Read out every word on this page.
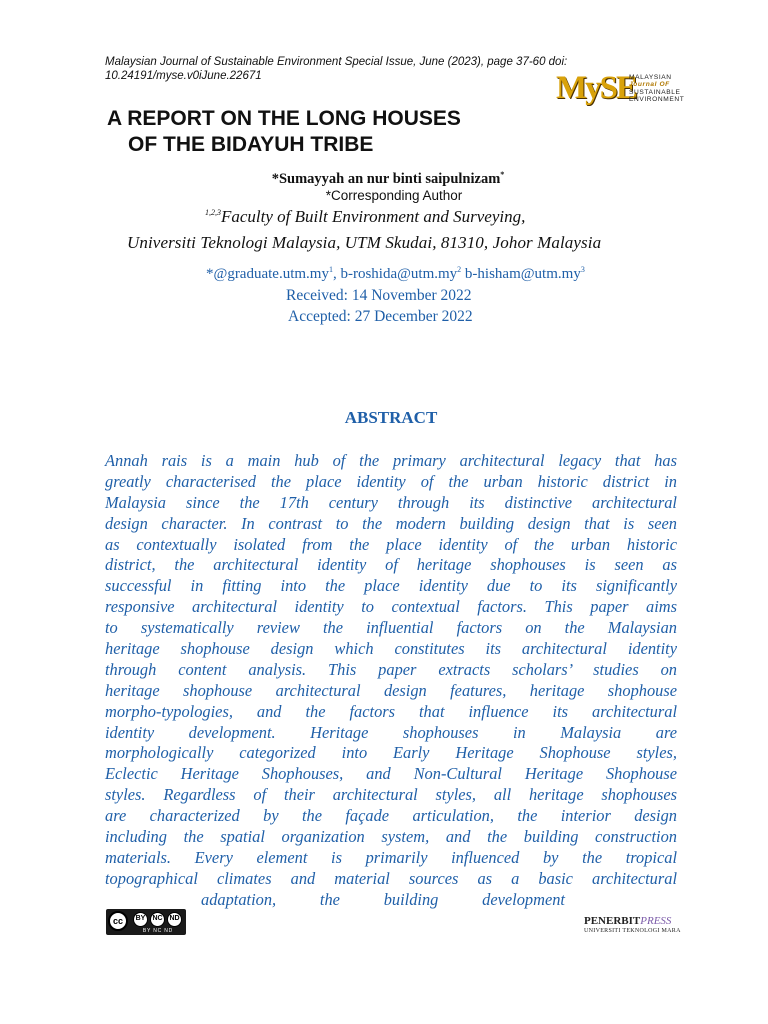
Malaysian Journal of Sustainable Environment Special Issue, June (2023), page 37-60 doi:
10.24191/myse.v0iJune.22671	MySE
MALAYSIAN
Journal OF
SUSTAINABLE
ENVIRONMENT
A REPORT ON THE LONG HOUSES
OF THE BIDAYUH TRIBE
*Sumayyah an nur binti saipulnizam*
*Corresponding Author
$^{1,2,3}$Faculty of Built Environment and Surveying,
Universiti Teknologi Malaysia, UTM Skudai, 81310, Johor Malaysia
$*@graduate.utm.my^1$, $b-roshida@utm.my^2$ $b-hisham@utm.my^3$
Received: 14 November 2022
Accepted: 27 December 2022
ABSTRACT
Annah rais is a main hub of the primary architectural legacy that has
greatly characterised the place identity of the urban historic district in
Malaysia since the 17th century through its distinctive architectural
design character. In contrast to the modern building design that is seen
as contextually isolated from the place identity of the urban historic
district, the architectural identity of heritage shophouses is seen as
successful in fitting into the place identity due to its significantly
responsive architectural identity to contextual factors. This paper aims
to systematically review the influential factors on the Malaysian
heritage shophouse design which constitutes its architectural identity
through content analysis. This paper extracts scholars’ studies on
heritage shophouse architectural design features, heritage shophouse
morpho-typologies, and the factors that influence its architectural
identity development. Heritage shophouses in Malaysia are
morphologically categorized into Early Heritage Shophouse styles,
Eclectic Heritage Shophouses, and Non-Cultural Heritage Shophouse
styles. Regardless of their architectural styles, all heritage shophouses
are characterized by the façade articulation, the interior design
including the spatial organization system, and the building construction
materials. Every element is primarily influenced by the tropical
topographical climates and material sources as a basic architectural
adaptation, the building development
cc	BY	NC ND
BY NC ND
PENERBITPRESS
UNIVERSITI TEKNOLOGI MARA
